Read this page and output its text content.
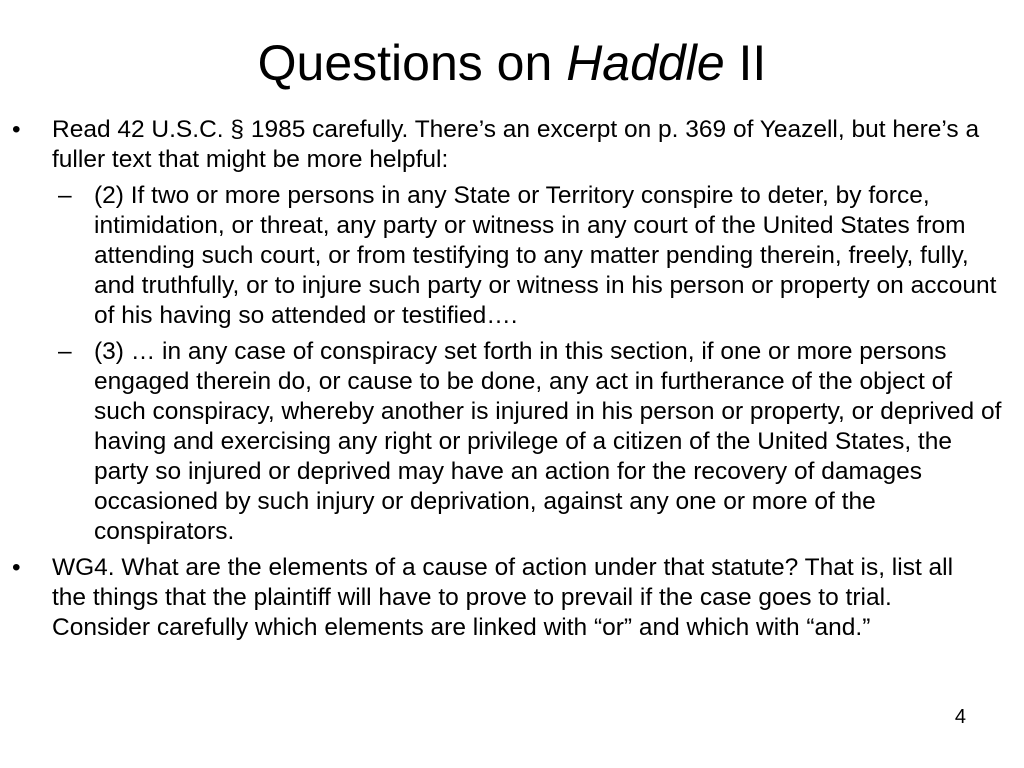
Questions on Haddle II
• Read 42 U.S.C. § 1985 carefully. There’s an excerpt on p. 369 of Yeazell, but here’s a fuller text that might be more helpful:
– (2) If two or more persons in any State or Territory conspire to deter, by force, intimidation, or threat, any party or witness in any court of the United States from attending such court, or from testifying to any matter pending therein, freely, fully, and truthfully, or to injure such party or witness in his person or property on account of his having so attended or testified….
– (3) … in any case of conspiracy set forth in this section, if one or more persons engaged therein do, or cause to be done, any act in furtherance of the object of such conspiracy, whereby another is injured in his person or property, or deprived of having and exercising any right or privilege of a citizen of the United States, the party so injured or deprived may have an action for the recovery of damages occasioned by such injury or deprivation, against any one or more of the conspirators.
• WG4. What are the elements of a cause of action under that statute? That is, list all the things that the plaintiff will have to prove to prevail if the case goes to trial. Consider carefully which elements are linked with “or” and which with “and.”
4
